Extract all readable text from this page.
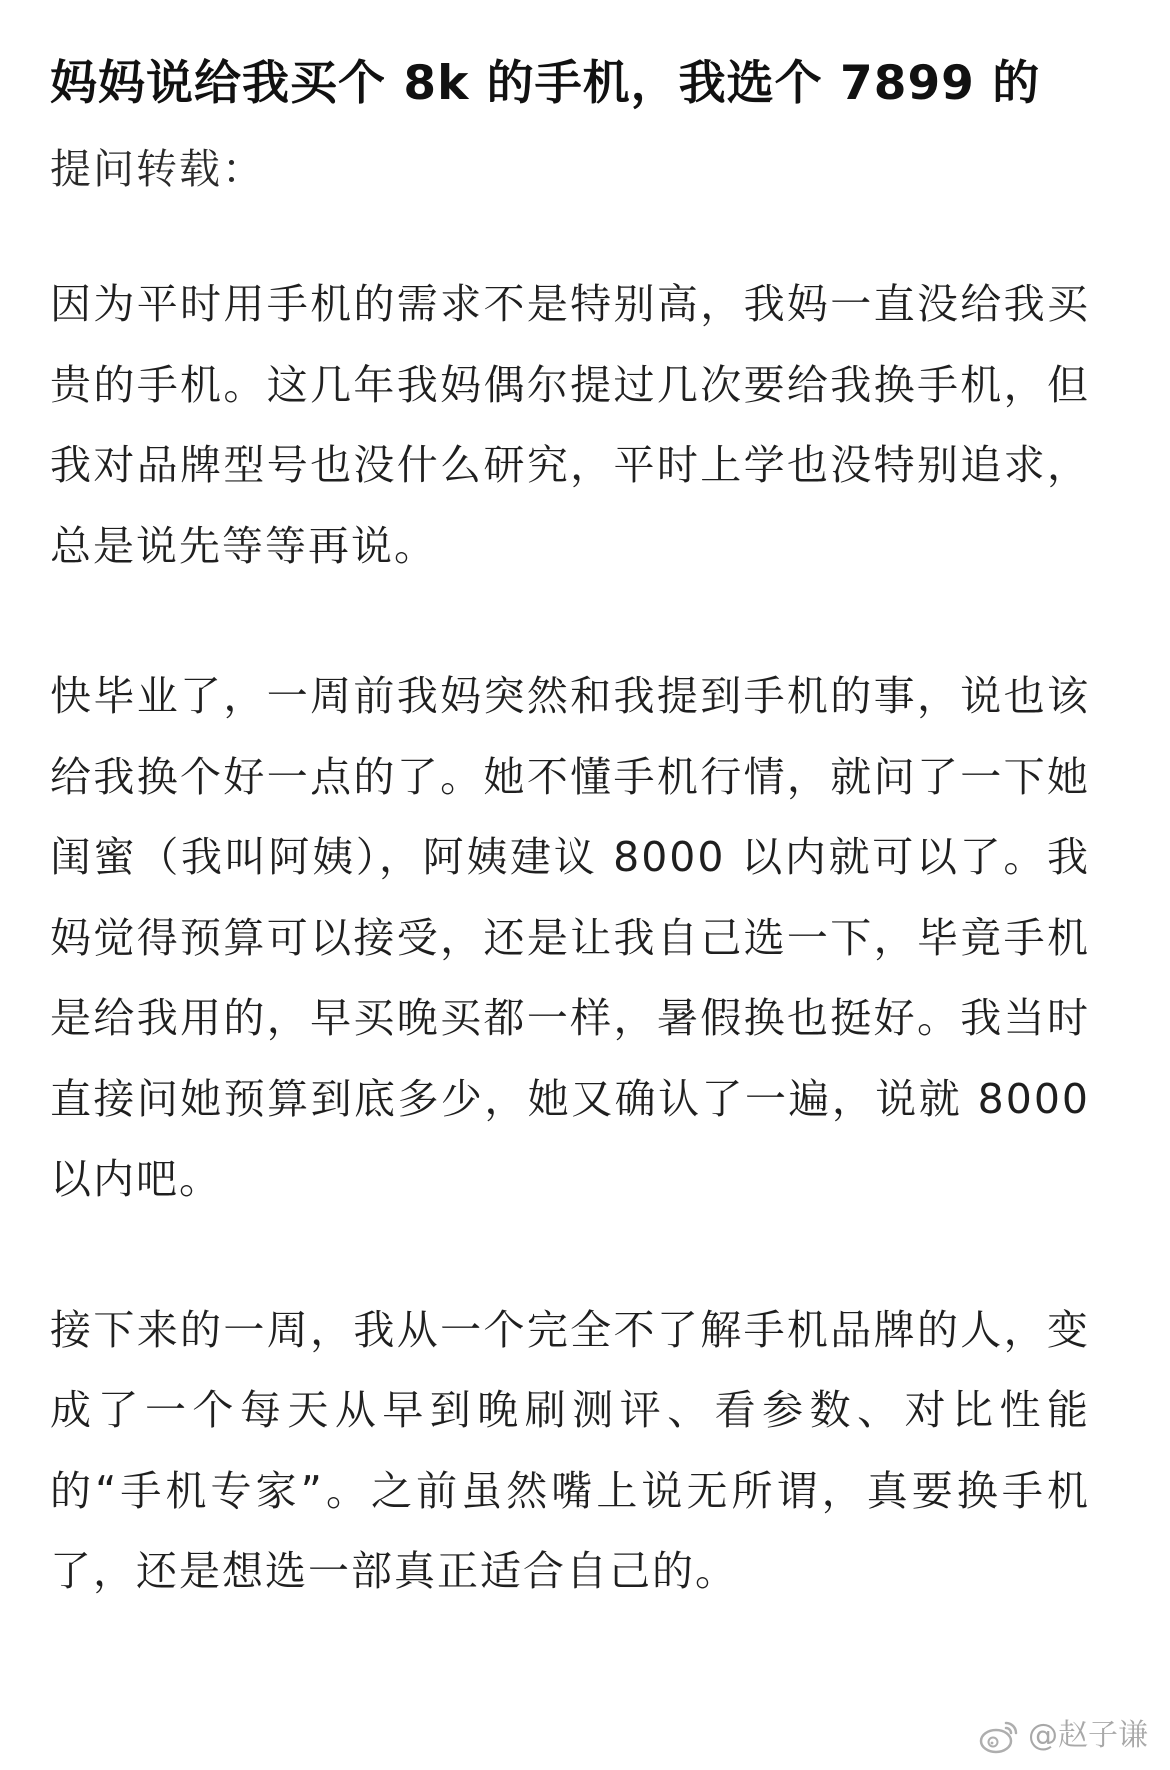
妈妈说给我买个 8k 的手机，我选个 7899 的

提问转载：

因为平时用手机的需求不是特别高，我妈一直没给我买贵的手机。这几年我妈偶尔提过几次要给我换手机，但我对品牌型号也没什么研究，平时上学也没特别追求，总是说先等等再说。

快毕业了，一周前我妈突然和我提到手机的事，说也该给我换个好一点的了。她不懂手机行情，就问了一下她闺蜜（我叫阿姨），阿姨建议 8000 以内就可以了。我妈觉得预算可以接受，还是让我自己选一下，毕竟手机是给我用的，早买晚买都一样，暑假换也挺好。我当时直接问她预算到底多少，她又确认了一遍，说就 8000 以内吧。

接下来的一周，我从一个完全不了解手机品牌的人，变成了一个每天从早到晚刷测评、看参数、对比性能的“手机专家”。之前虽然嘴上说无所谓，真要换手机了，还是想选一部真正适合自己的。

@赵子谦
